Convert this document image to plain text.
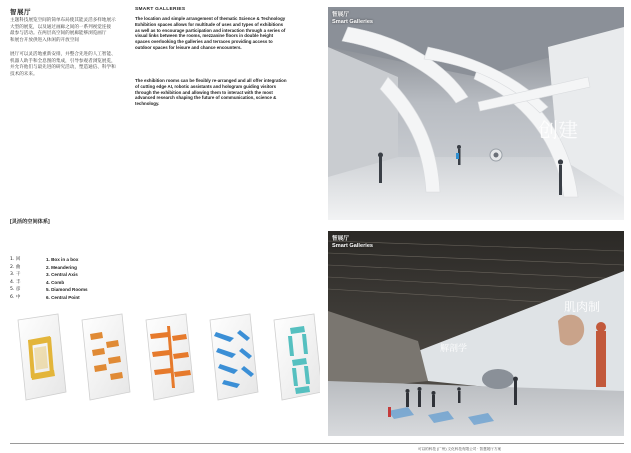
智展厅
主题科技展览空间的简单布局使其能灵活多样地展示
大型的展览，以及通过画廊之间的一系列视觉连接
最参与活动。在两层高空间的展廊能够浏览画厅
和展台开放供进入休闲的开放空间
展厅可以灵活地重新安排，并整合先进的人工智能、
机器人助手和全息图的集成，引导参观者浏览展览，
并允许他们与最先进的研究活动，塑造通信、科学和
技术的未来。
SMART GALLERIES
The location and simple arrangement of thematic Science & Technology Exhibition spaces allows for multitude of uses and types of exhibitions as well as to encourage participation and interaction through a series of visual links between the rooms, mezzanine floors in double height spaces overlooking the galleries and terraces providing access to outdoor spaces for leisure and chance encounters.
The exhibition rooms can be flexibly re-arranged and all offer integration of cutting edge AI, robotic assistants and hologram guiding visitors through the exhibition and allowing them to interact with the most advanced research shaping the future of communication, science & technology.
[灵活的空间体系]
1. 回
2. 曲
3. 干
4. 丰
5. 彦
6. 中
1. Box in a box
2. Meandering
3. Central Axis
4. Comb
5. Diamond Rooms
6. Central Point
创建
智展厅
Smart Galleries
解剖学
肌肉制
智展厅
Smart Galleries
可以的科技 (广州) 文化科技有限公司 · 智慧展厅方案
